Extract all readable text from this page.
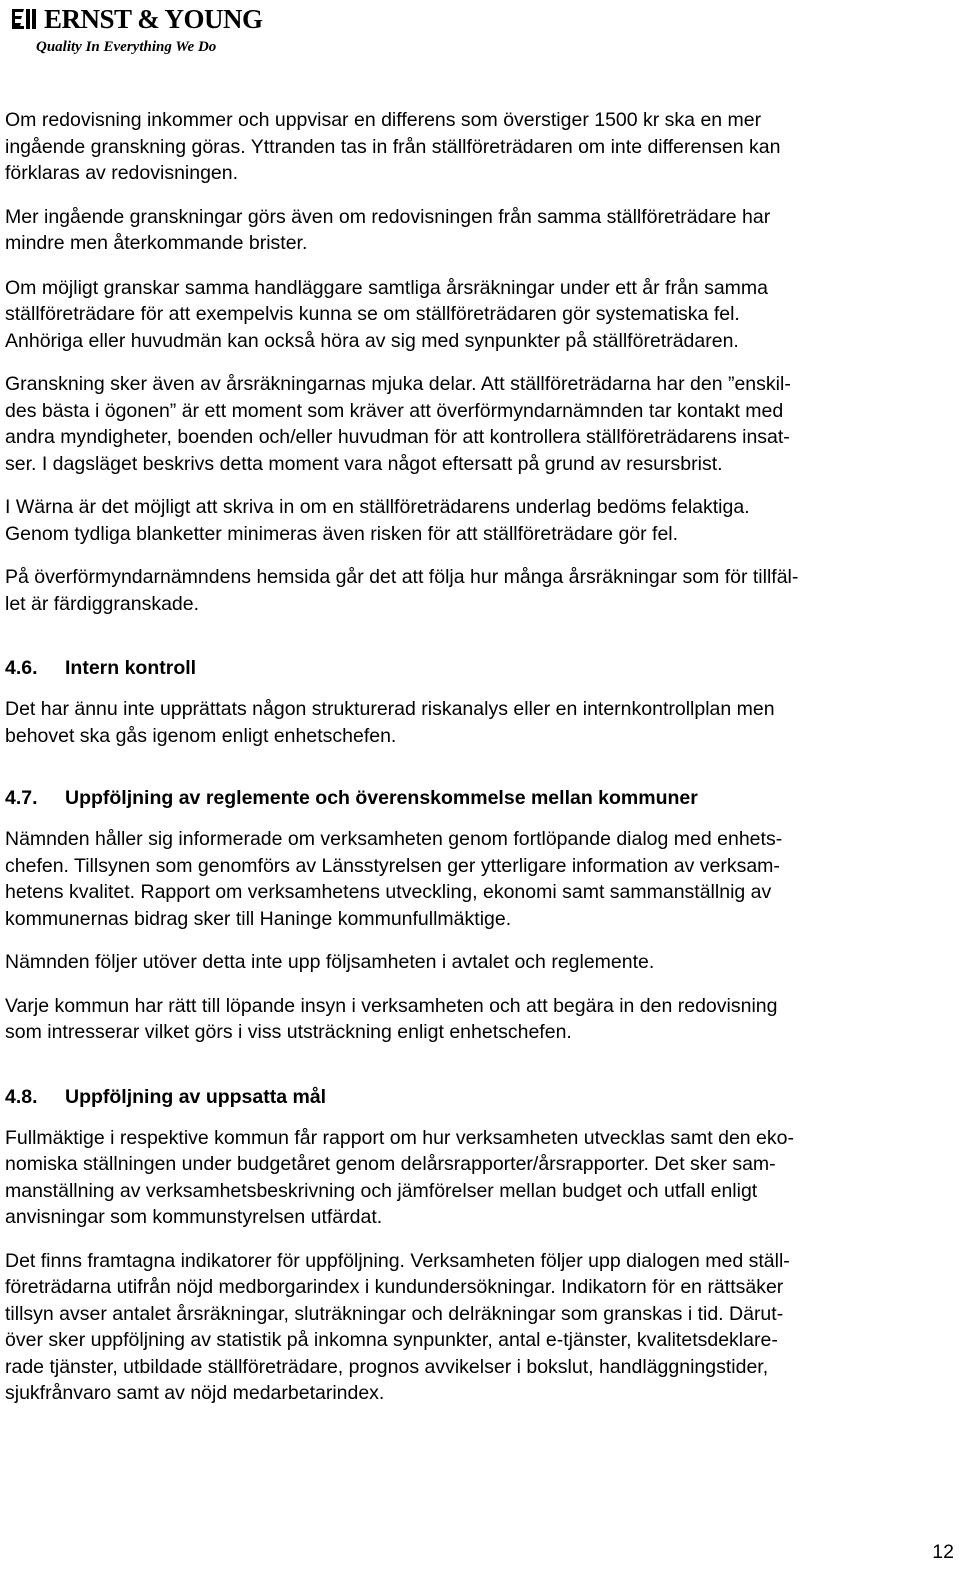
ERNST & YOUNG
Quality In Everything We Do

Om redovisning inkommer och uppvisar en differens som överstiger 1500 kr ska en mer
ingående granskning göras. Yttranden tas in från ställföreträdaren om inte differensen kan
förklaras av redovisningen.

Mer ingående granskningar görs även om redovisningen från samma ställföreträdare har
mindre men återkommande brister.

Om möjligt granskar samma handläggare samtliga årsräkningar under ett år från samma
ställföreträdare för att exempelvis kunna se om ställföreträdaren gör systematiska fel.
Anhöriga eller huvudmän kan också höra av sig med synpunkter på ställföreträdaren.

Granskning sker även av årsräkningarnas mjuka delar. Att ställföreträdarna har den ”enskil-
des bästa i ögonen” är ett moment som kräver att överförmyndarnämnden tar kontakt med
andra myndigheter, boenden och/eller huvudman för att kontrollera ställföreträdarens insat-
ser. I dagsläget beskrivs detta moment vara något eftersatt på grund av resursbrist.

I Wärna är det möjligt att skriva in om en ställföreträdarens underlag bedöms felaktiga.
Genom tydliga blanketter minimeras även risken för att ställföreträdare gör fel.

På överförmyndarnämndens hemsida går det att följa hur många årsräkningar som för tillfäl-
let är färdiggranskade.

4.6. Intern kontroll

Det har ännu inte upprättats någon strukturerad riskanalys eller en internkontrollplan men
behovet ska gås igenom enligt enhetschefen.

4.7. Uppföljning av reglemente och överenskommelse mellan kommuner

Nämnden håller sig informerade om verksamheten genom fortlöpande dialog med enhets-
chefen. Tillsynen som genomförs av Länsstyrelsen ger ytterligare information av verksam-
hetens kvalitet. Rapport om verksamhetens utveckling, ekonomi samt sammanställnig av
kommunernas bidrag sker till Haninge kommunfullmäktige.

Nämnden följer utöver detta inte upp följsamheten i avtalet och reglemente.

Varje kommun har rätt till löpande insyn i verksamheten och att begära in den redovisning
som intresserar vilket görs i viss utsträckning enligt enhetschefen.

4.8. Uppföljning av uppsatta mål

Fullmäktige i respektive kommun får rapport om hur verksamheten utvecklas samt den eko-
nomiska ställningen under budgetåret genom delårsrapporter/årsrapporter. Det sker sam-
manställning av verksamhetsbeskrivning och jämförelser mellan budget och utfall enligt
anvisningar som kommunstyrelsen utfärdat.

Det finns framtagna indikatorer för uppföljning. Verksamheten följer upp dialogen med ställ-
företrädarna utifrån nöjd medborgarindex i kundundersökningar. Indikatorn för en rättsäker
tillsyn avser antalet årsräkningar, sluträkningar och delräkningar som granskas i tid. Därut-
över sker uppföljning av statistik på inkomna synpunkter, antal e-tjänster, kvalitetsdeklare-
rade tjänster, utbildade ställföreträdare, prognos avvikelser i bokslut, handläggningstider,
sjukfrånvaro samt av nöjd medarbetarindex.

12
